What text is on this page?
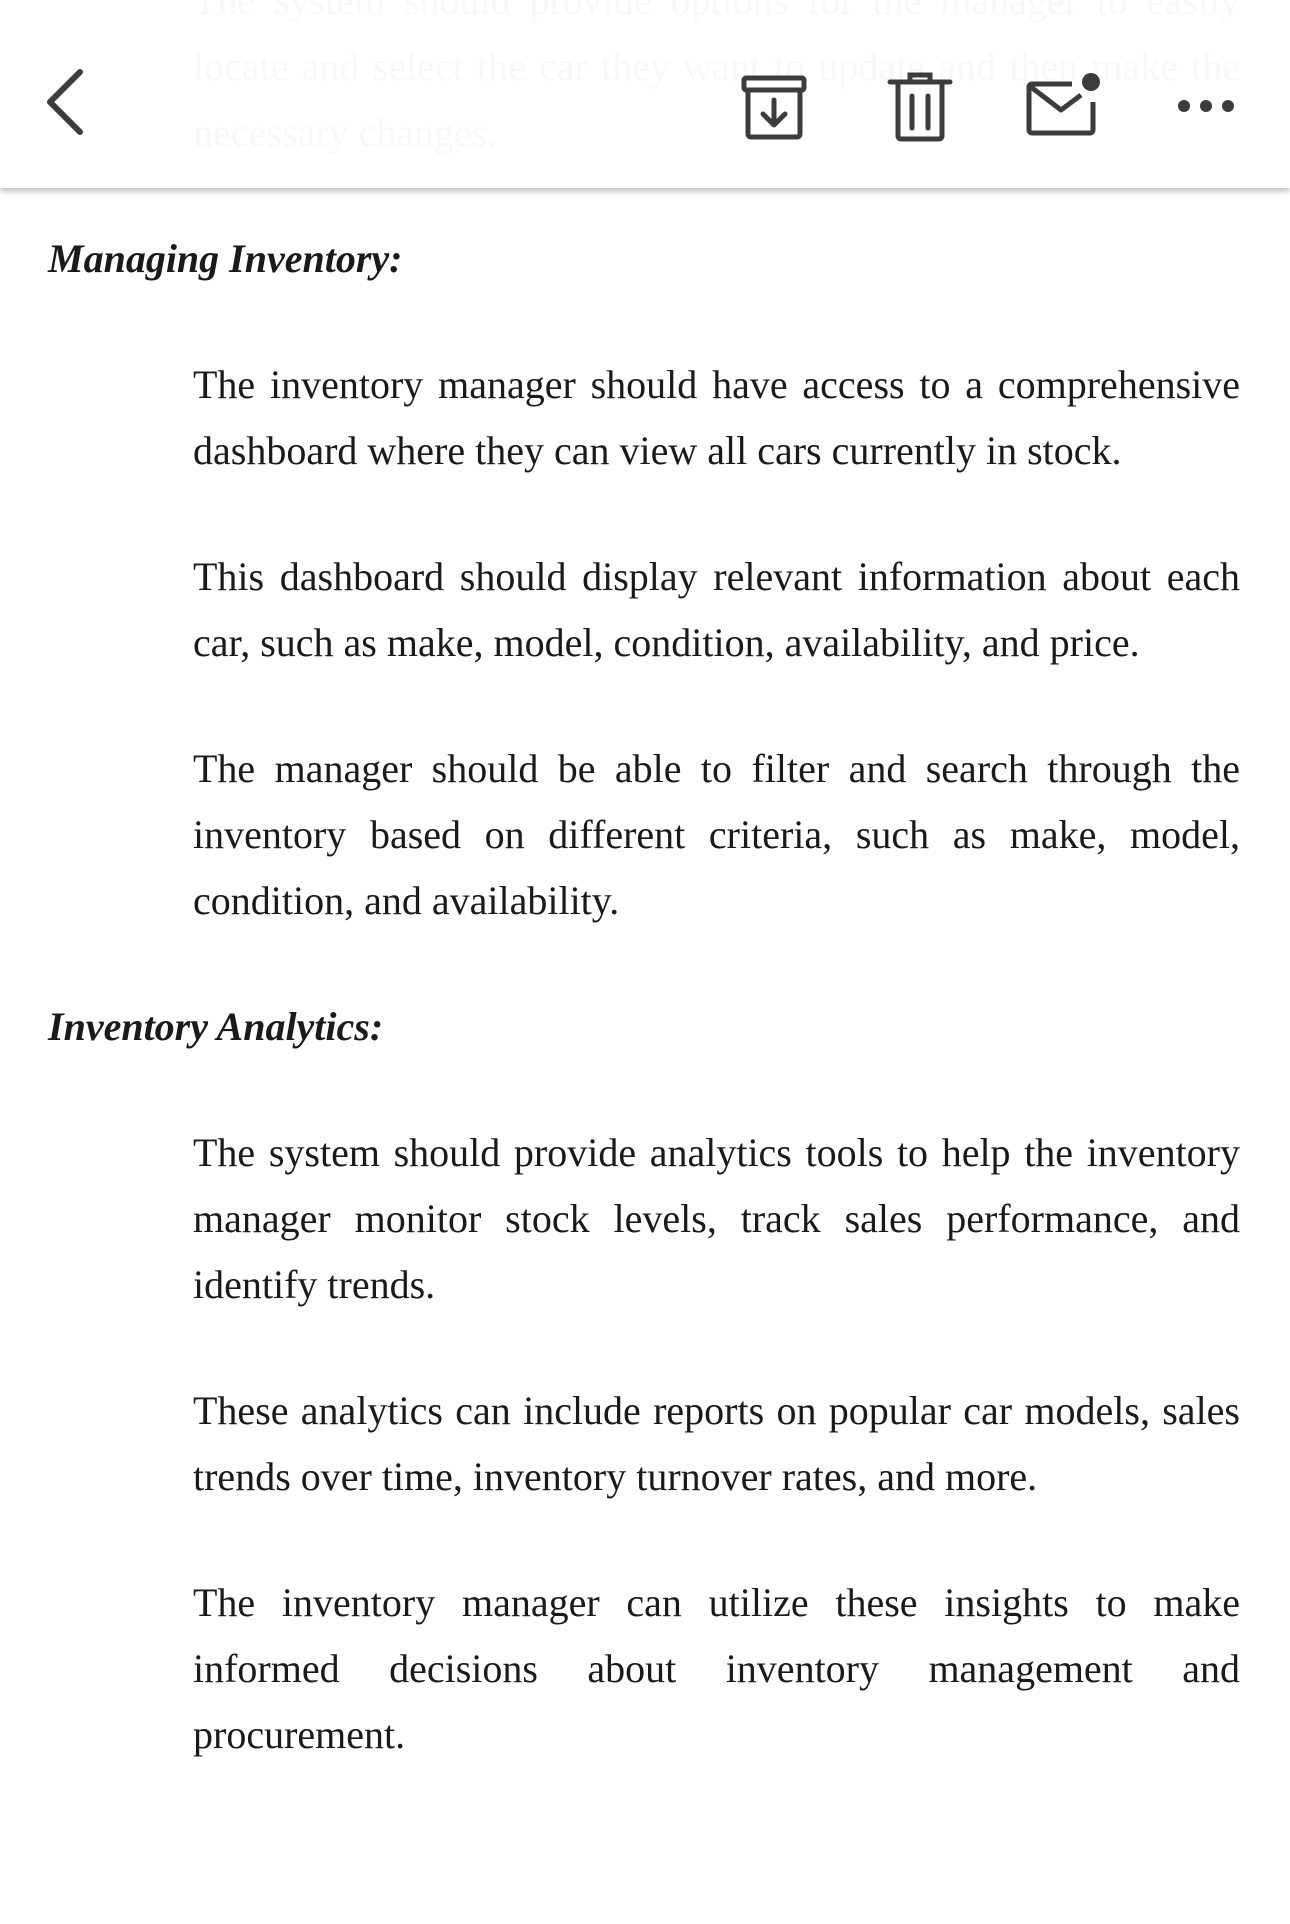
Managing Inventory:

The inventory manager should have access to a comprehensive dashboard where they can view all cars currently in stock.

This dashboard should display relevant information about each car, such as make, model, condition, availability, and price.

The manager should be able to filter and search through the inventory based on different criteria, such as make, model, condition, and availability.

Inventory Analytics:

The system should provide analytics tools to help the inventory manager monitor stock levels, track sales performance, and identify trends.

These analytics can include reports on popular car models, sales trends over time, inventory turnover rates, and more.

The inventory manager can utilize these insights to make informed decisions about inventory management and procurement.
